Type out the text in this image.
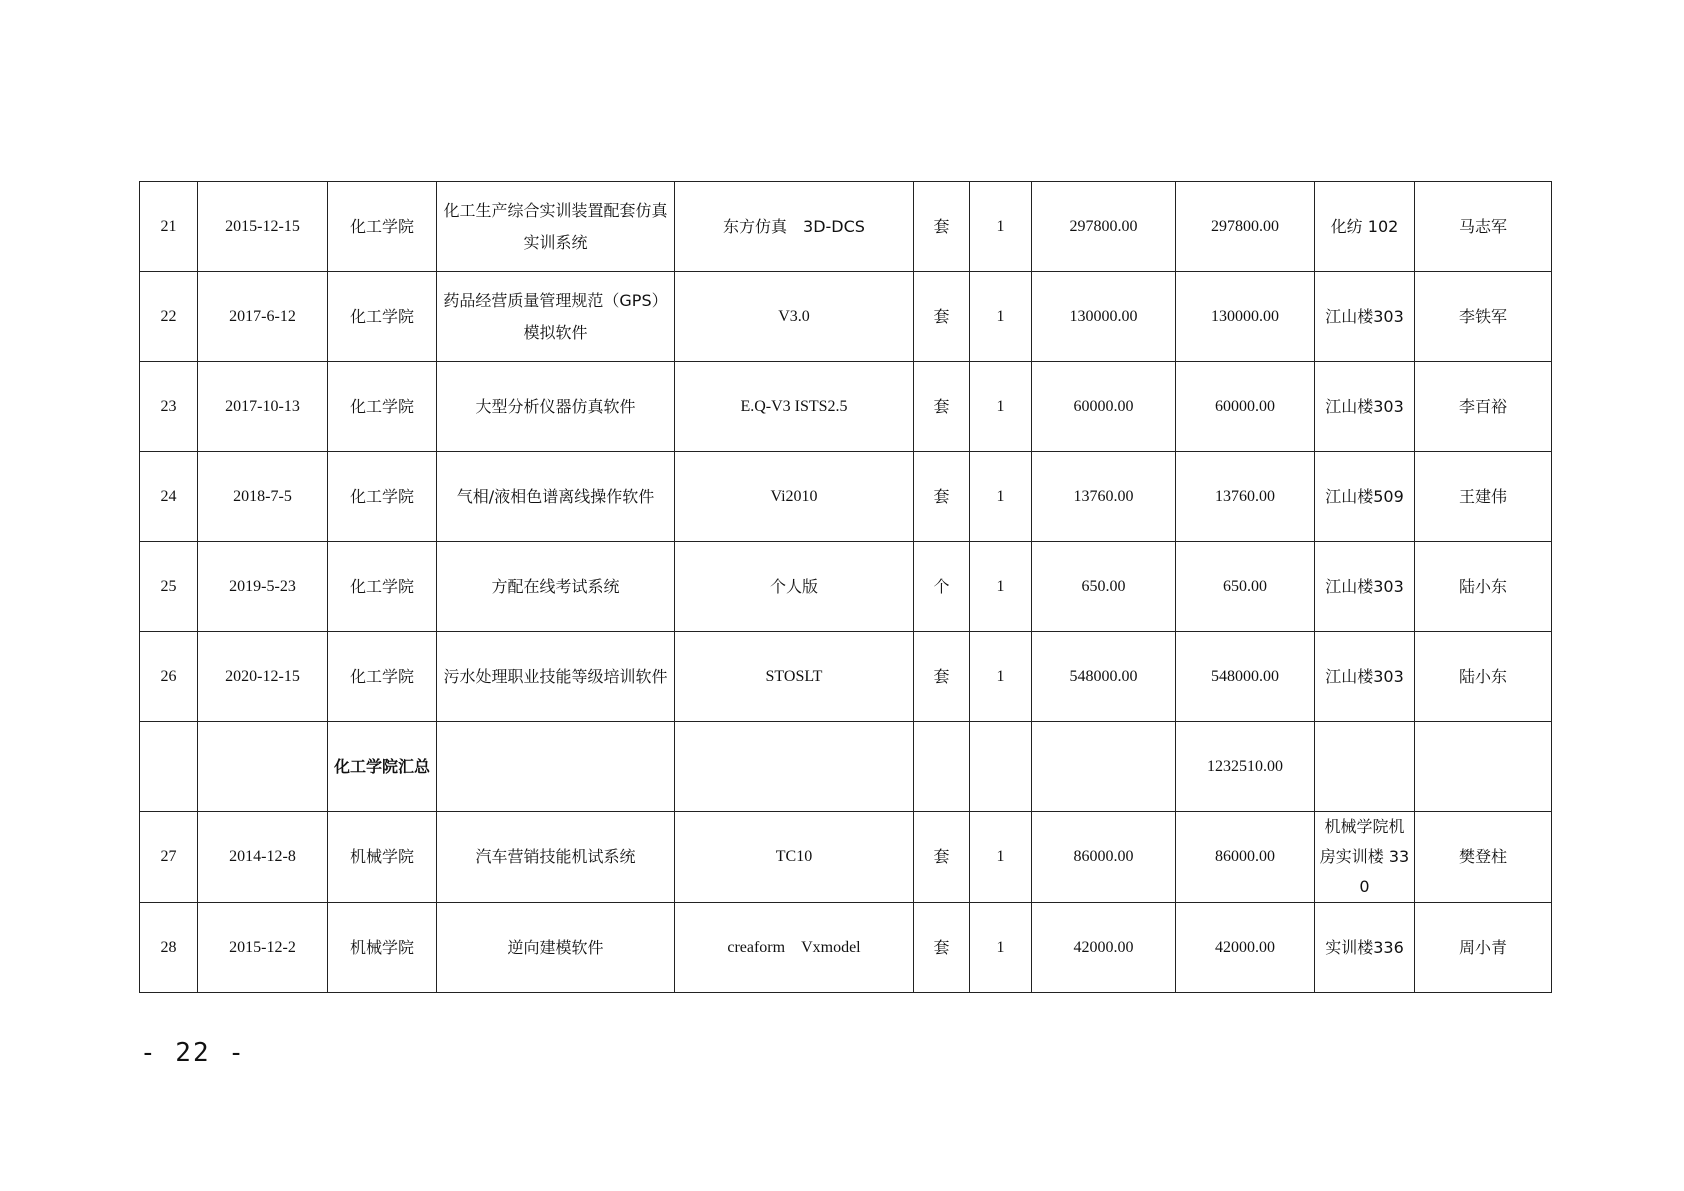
21	2015-12-15	化工学院	化工生产综合实训装置配套仿真实训系统	东方仿真　3D-DCS	套	1	297800.00	297800.00	化纺 102	马志军
22	2017-6-12	化工学院	药品经营质量管理规范（GPS）模拟软件	V3.0	套	1	130000.00	130000.00	江山楼303	李铁军
23	2017-10-13	化工学院	大型分析仪器仿真软件	E.Q-V3 ISTS2.5	套	1	60000.00	60000.00	江山楼303	李百裕
24	2018-7-5	化工学院	气相/液相色谱离线操作软件	Vi2010	套	1	13760.00	13760.00	江山楼509	王建伟
25	2019-5-23	化工学院	方配在线考试系统	个人版	个	1	650.00	650.00	江山楼303	陆小东
26	2020-12-15	化工学院	污水处理职业技能等级培训软件	STOSLT	套	1	548000.00	548000.00	江山楼303	陆小东
		化工学院汇总						1232510.00		
27	2014-12-8	机械学院	汽车营销技能机试系统	TC10	套	1	86000.00	86000.00	机械学院机房实训楼 330	樊登柱
28	2015-12-2	机械学院	逆向建模软件	creaform　Vxmodel	套	1	42000.00	42000.00	实训楼336	周小青
- 22 -
